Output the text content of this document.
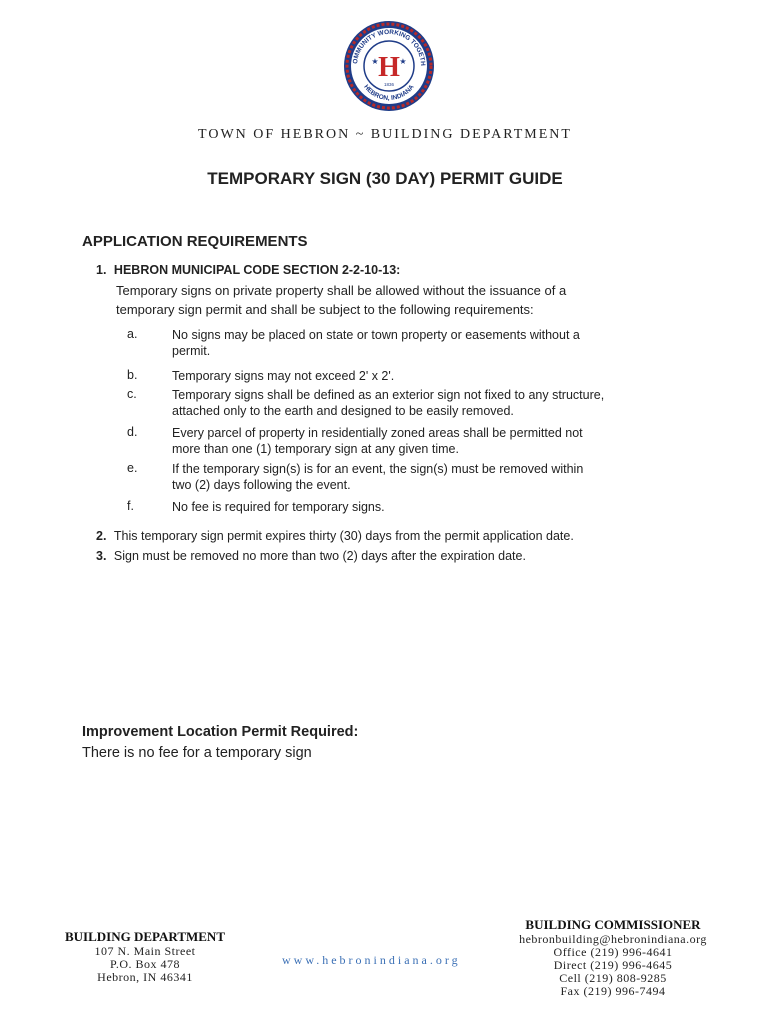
OMMUNITY WORKING TOGETH
HEBRON, INDIANA
H
★	★
1836
TOWN OF HEBRON ~ BUILDING DEPARTMENT
TEMPORARY SIGN (30 DAY) PERMIT GUIDE
APPLICATION REQUIREMENTS
1. HEBRON MUNICIPAL CODE SECTION 2-2-10-13:
Temporary signs on private property shall be allowed without the issuance of a
temporary sign permit and shall be subject to the following requirements:
a.	No signs may be placed on state or town property or easements without a
permit.
b.	Temporary signs may not exceed 2' x 2'.
c.	Temporary signs shall be defined as an exterior sign not fixed to any structure,
attached only to the earth and designed to be easily removed.
d.	Every parcel of property in residentially zoned areas shall be permitted not
more than one (1) temporary sign at any given time.
e.	If the temporary sign(s) is for an event, the sign(s) must be removed within
two (2) days following the event.
f.	No fee is required for temporary signs.
2. This temporary sign permit expires thirty (30) days from the permit application date.
3. Sign must be removed no more than two (2) days after the expiration date.
Improvement Location Permit Required:
There is no fee for a temporary sign
BUILDING DEPARTMENT
107 N. Main Street
P.O. Box 478
Hebron, IN 46341
www.hebronindiana.org
BUILDING COMMISSIONER
hebronbuilding@hebronindiana.org
Office (219) 996-4641
Direct (219) 996-4645
Cell (219) 808-9285
Fax (219) 996-7494
